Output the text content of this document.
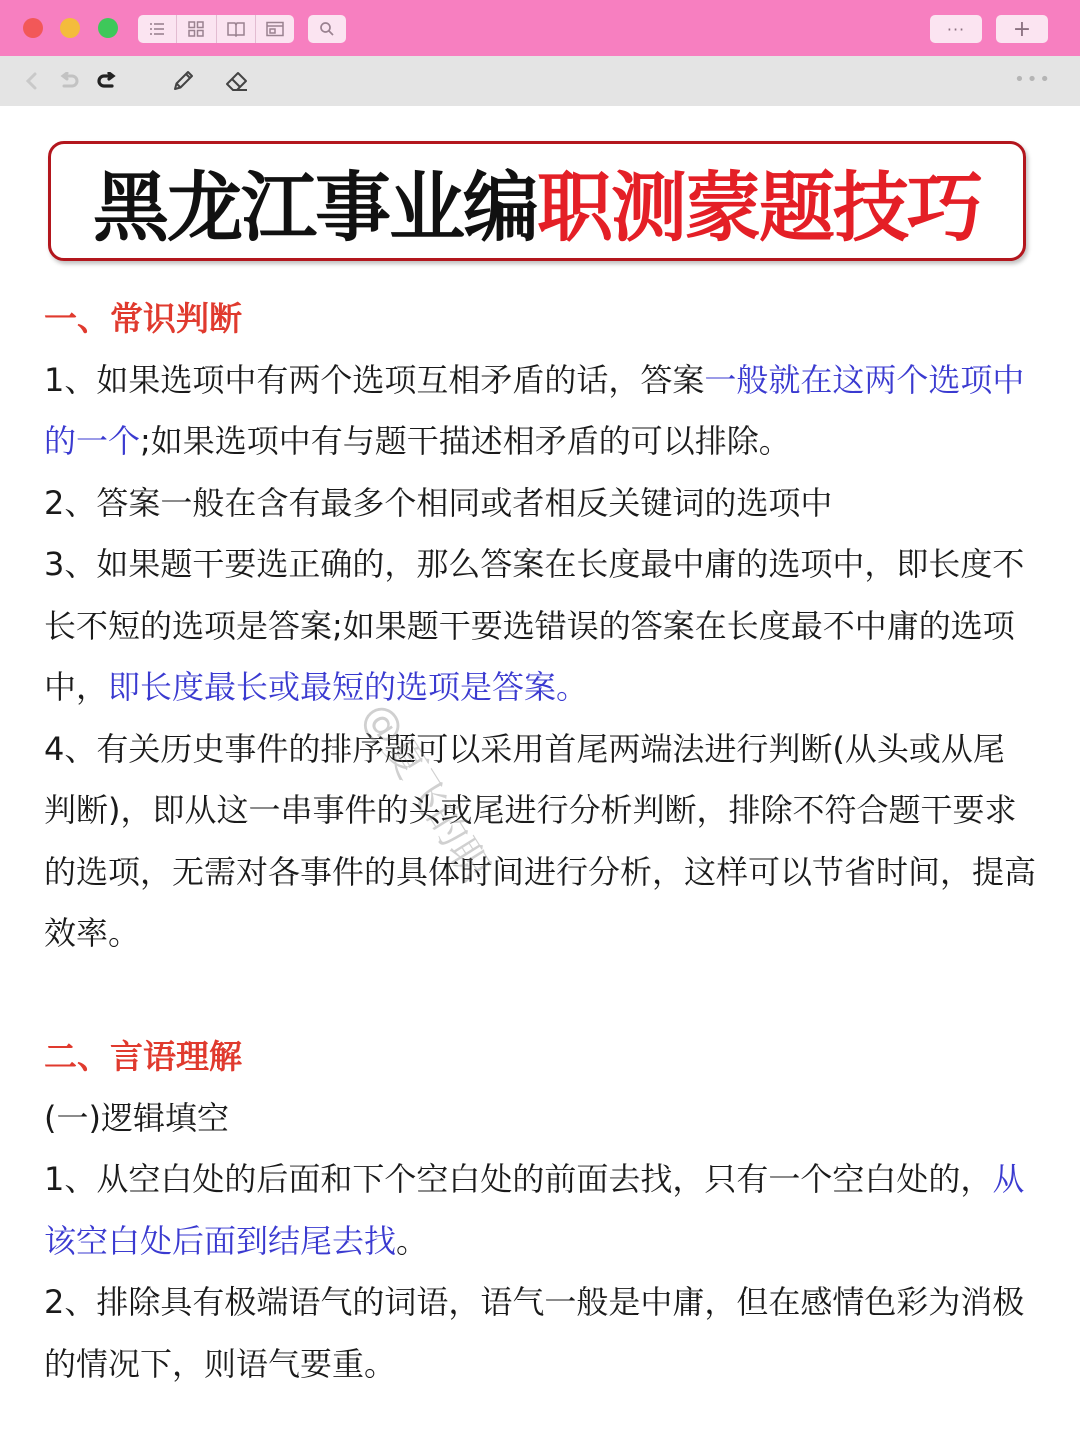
···	+
•••
黑龙江事业编 职测蒙题技巧
一、常识判断

1、如果选项中有两个选项互相矛盾的话，答案一般就在这两个选项中的一个;如果选项中有与题干描述相矛盾的可以排除。

2、答案一般在含有最多个相同或者相反关键词的选项中

3、如果题干要选正确的，那么答案在长度最中庸的选项中，即长度不长不短的选项是答案;如果题干要选错误的答案在长度最不中庸的选项中，即长度最长或最短的选项是答案。

4、有关历史事件的排序题可以采用首尾两端法进行判断(从头或从尾判断)，即从这一串事件的头或尾进行分析判断，排除不符合题干要求的选项，无需对各事件的具体时间进行分析，这样可以节省时间，提高效率。

二、言语理解

(一)逻辑填空

1、从空白处的后面和下个空白处的前面去找，只有一个空白处的，从该空白处后面到结尾去找。

2、排除具有极端语气的词语，语气一般是中庸，但在感情色彩为消极的情况下，则语气要重。

@夏飞的职
